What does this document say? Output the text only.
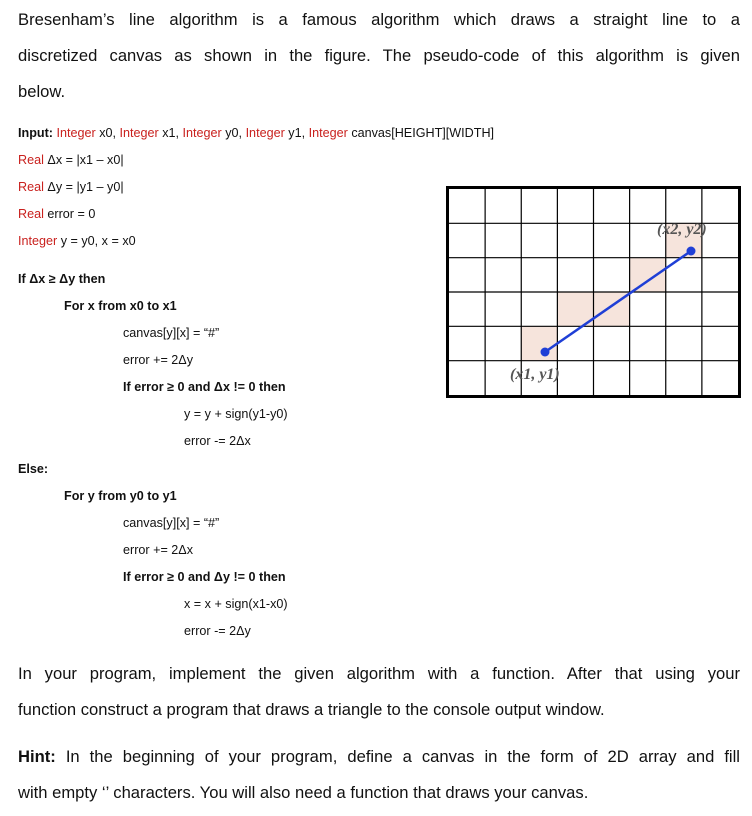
Bresenham’s line algorithm is a famous algorithm which draws a straight line to a
discretized canvas as shown in the figure. The pseudo-code of this algorithm is given
below.
Input: Integer x0, Integer x1, Integer y0, Integer y1, Integer canvas[HEIGHT][WIDTH]
Real Δx = |x1 – x0|
Real Δy = |y1 – y0|
Real error = 0
Integer y = y0, x = x0
If Δx ≥ Δy then
For x from x0 to x1
canvas[y][x] = “#”
error += 2Δy
If error ≥ 0 and Δx != 0 then
y = y + sign(y1-y0)
error -= 2Δx
Else:
For y from y0 to y1
canvas[y][x] = “#”
error += 2Δx
If error ≥ 0 and Δy != 0 then
x = x + sign(x1-x0)
error -= 2Δy
(x1, y1)
(x2, y2)
In your program, implement the given algorithm with a function. After that using your
function construct a program that draws a triangle to the console output window.
Hint: In the beginning of your program, define a canvas in the form of 2D array and fill
with empty ‘’ characters. You will also need a function that draws your canvas.
